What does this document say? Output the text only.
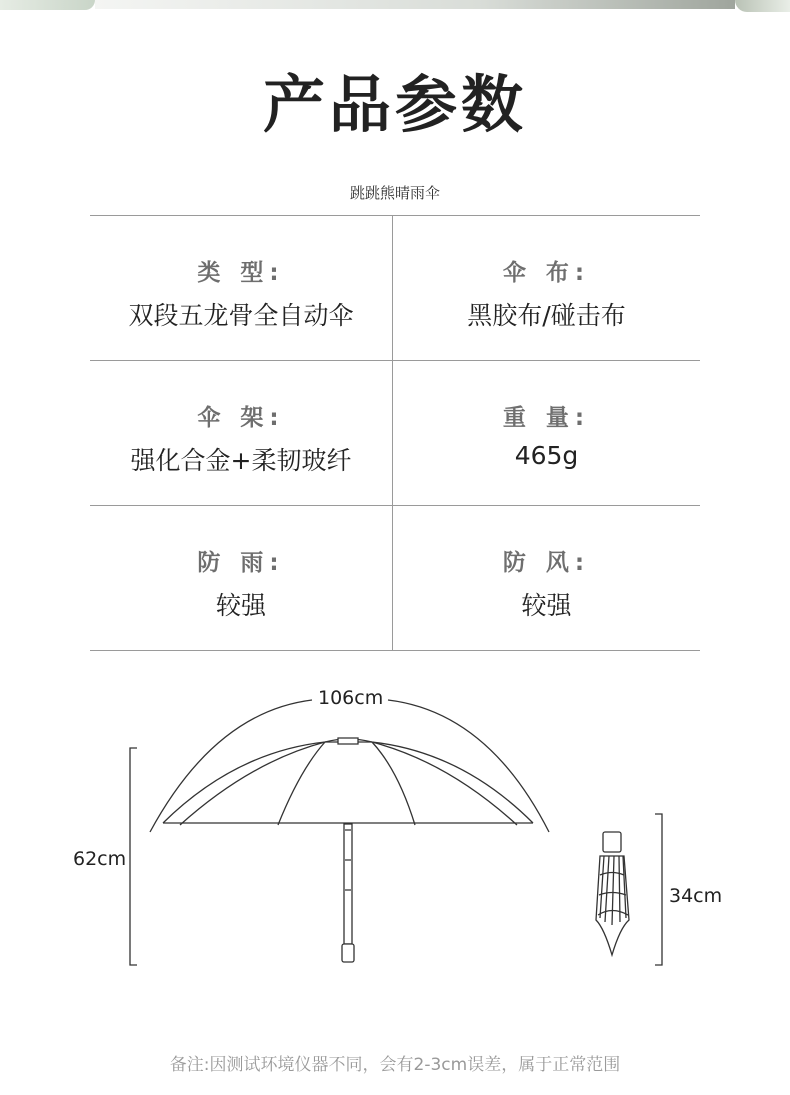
产品参数
跳跳熊晴雨伞
类 型:
双段五龙骨全自动伞
伞 布:
黑胶布/碰击布
伞 架:
强化合金+柔韧玻纤
重 量:
465g
防 雨:
较强
防 风:
较强
106cm
62cm
34cm
备注:因测试环境仪器不同，会有2-3cm误差，属于正常范围
